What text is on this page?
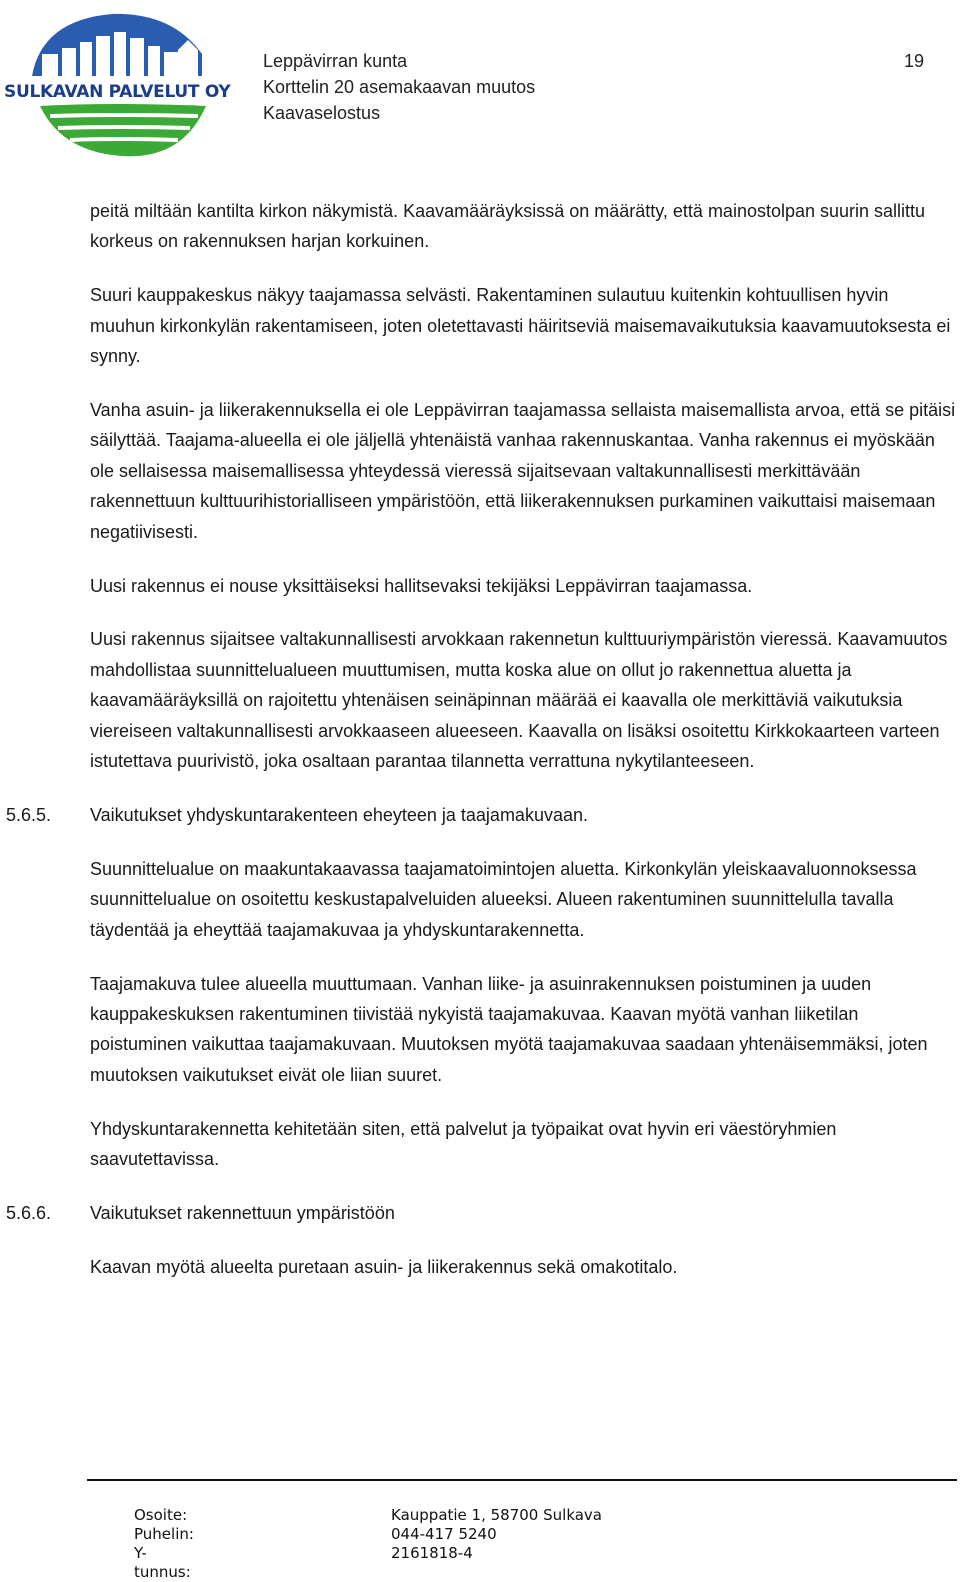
SULKAVAN PALVELUT OY
Leppävirran kunta
Korttelin 20 asemakaavan muutos
Kaavaselostus
19

peitä miltään kantilta kirkon näkymistä. Kaavamääräyksissä on määrätty, että mainostolpan suurin sallittu korkeus on rakennuksen harjan korkuinen.

Suuri kauppakeskus näkyy taajamassa selvästi. Rakentaminen sulautuu kuitenkin kohtuullisen hyvin muuhun kirkonkylän rakentamiseen, joten oletettavasti häiritseviä maisemavaikutuksia kaavamuutoksesta ei synny.

Vanha asuin- ja liikerakennuksella ei ole Leppävirran taajamassa sellaista maisemallista arvoa, että se pitäisi säilyttää. Taajama-alueella ei ole jäljellä yhtenäistä vanhaa rakennuskantaa. Vanha rakennus ei myöskään ole sellaisessa maisemallisessa yhteydessä vieressä sijaitsevaan valtakunnallisesti merkittävään rakennettuun kulttuurihistorialliseen ympäristöön, että liikerakennuksen purkaminen vaikuttaisi maisemaan negatiivisesti.

Uusi rakennus ei nouse yksittäiseksi hallitsevaksi tekijäksi Leppävirran taajamassa.

Uusi rakennus sijaitsee valtakunnallisesti arvokkaan rakennetun kulttuuriympäristön vieressä. Kaavamuutos mahdollistaa suunnittelualueen muuttumisen, mutta koska alue on ollut jo rakennettua aluetta ja kaavamääräyksillä on rajoitettu yhtenäisen seinäpinnan määrää ei kaavalla ole merkittäviä vaikutuksia viereiseen valtakunnallisesti arvokkaaseen alueeseen. Kaavalla on lisäksi osoitettu Kirkkokaarteen varteen istutettava puurivistö, joka osaltaan parantaa tilannetta verrattuna nykytilanteeseen.

5.6.5. Vaikutukset yhdyskuntarakenteen eheyteen ja taajamakuvaan.

Suunnittelualue on maakuntakaavassa taajamatoimintojen aluetta. Kirkonkylän yleiskaavaluonnoksessa suunnittelualue on osoitettu keskustapalveluiden alueeksi. Alueen rakentuminen suunnittelulla tavalla täydentää ja eheyttää taajamakuvaa ja yhdyskuntarakennetta.

Taajamakuva tulee alueella muuttumaan. Vanhan liike- ja asuinrakennuksen poistuminen ja uuden kauppakeskuksen rakentuminen tiivistää nykyistä taajamakuvaa. Kaavan myötä vanhan liiketilan poistuminen vaikuttaa taajamakuvaan. Muutoksen myötä taajamakuvaa saadaan yhtenäisemmäksi, joten muutoksen vaikutukset eivät ole liian suuret.

Yhdyskuntarakennetta kehitetään siten, että palvelut ja työpaikat ovat hyvin eri väestöryhmien saavutettavissa.

5.6.6. Vaikutukset rakennettuun ympäristöön

Kaavan myötä alueelta puretaan asuin- ja liikerakennus sekä omakotitalo.

Osoite:	Kauppatie 1, 58700 Sulkava
Puhelin:	044-417 5240
Y-tunnus:
2161818-4
